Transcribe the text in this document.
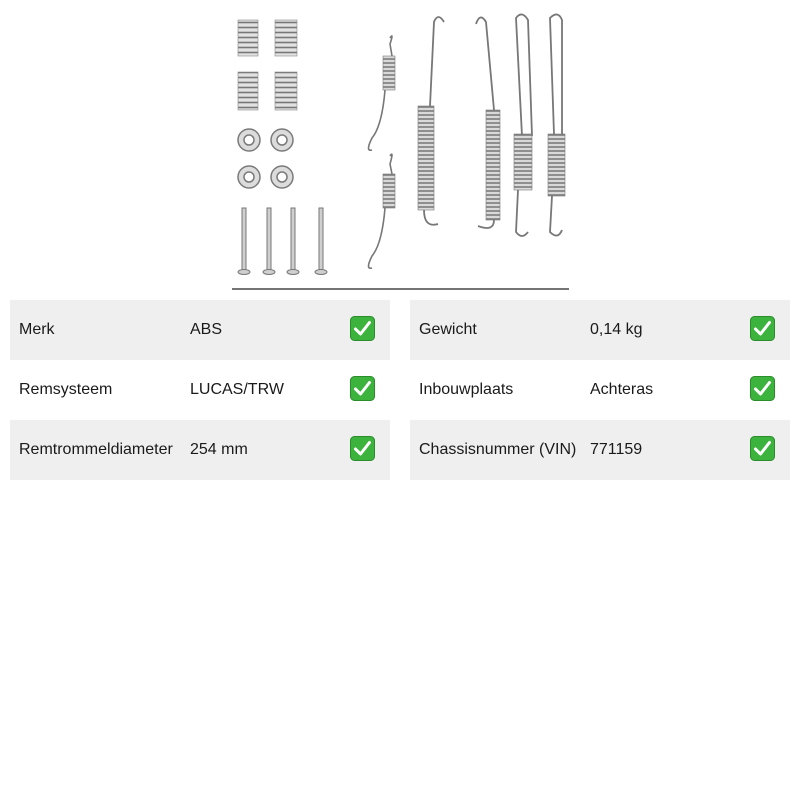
Merk	ABS
Remsysteem	LUCAS/TRW
Remtrommeldiameter 254 mm
Gewicht	0,14 kg
Inbouwplaats	Achteras
Chassisnummer (VIN) 771159
